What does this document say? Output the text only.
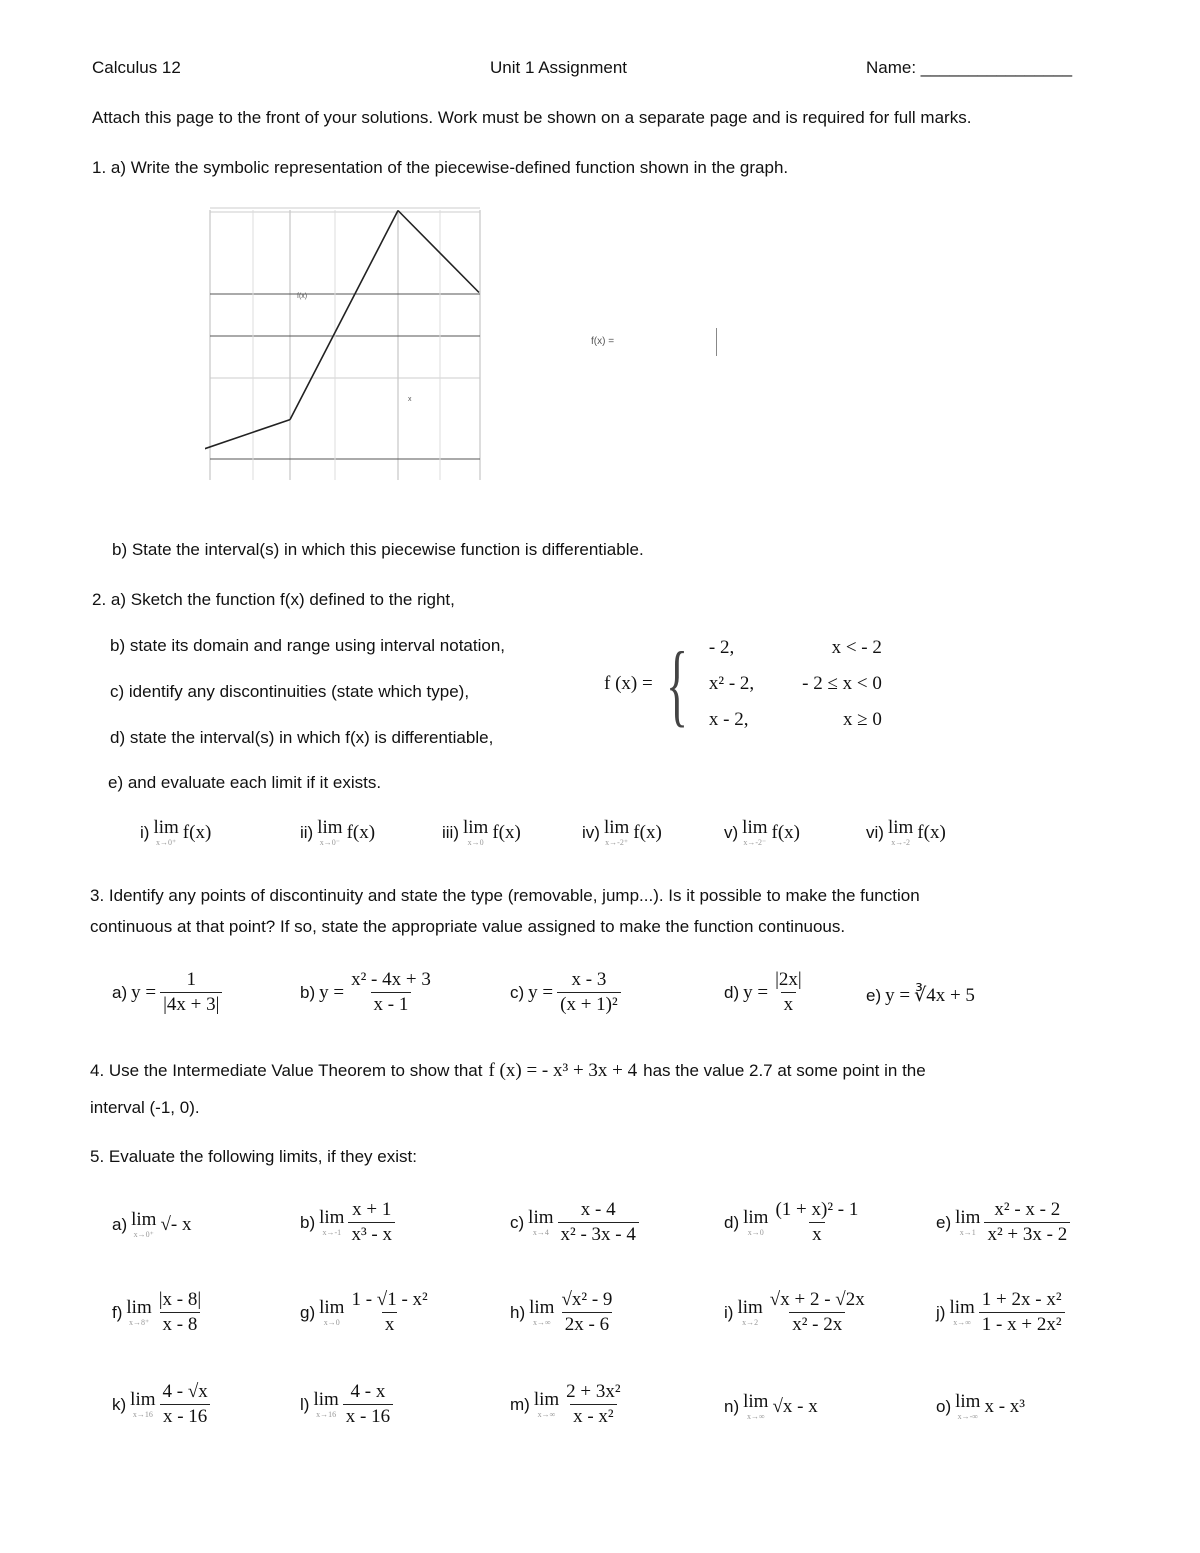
Calculus 12	Unit 1 Assignment	Name: ________________
Attach this page to the front of your solutions. Work must be shown on a separate page and is required for full marks.
1. a) Write the symbolic representation of the piecewise-defined function shown in the graph.
f(x)
x
f(x) =
b) State the interval(s) in which this piecewise function is differentiable.
2. a) Sketch the function f(x) defined to the right,
b) state its domain and range using interval notation,
c) identify any discontinuities (state which type),
d) state the interval(s) in which f(x) is differentiable,
e) and evaluate each limit if it exists.
f (x) = { - 2,	x < - 2
x² - 2,	- 2 ≤ x < 0
x - 2,	x ≥ 0
i) lim
x→0⁺ f(x)	ii) lim
x→0⁻ f(x)	iii) lim
x→0 f(x)	iv) lim
x→-2⁺ f(x)	v) lim
x→-2⁻ f(x)	vi) lim
x→-2 f(x)
3. Identify any points of discontinuity and state the type (removable, jump...). Is it possible to make the function
continuous at that point? If so, state the appropriate value assigned to make the function continuous.
a) $y = \frac{1}{|4x + 3|}$	b) $y = \frac{\text{x² - 4x + 3}}{x - 1}$	c) $y = \frac{x - 3}{\text{(x + 1)²}}$	d) $y = \frac{|2x|}{x}$	e) y = ∛4x + 5
4. Use the Intermediate Value Theorem to show that f (x) = - x³ + 3x + 4 has the value 2.7 at some point in the
interval (-1, 0).
5. Evaluate the following limits, if they exist:
a) lim
x→0⁺ √- x	b) lim
$x\to-1 \frac{x + 1}{\text{x³ - x}}$	c) lim
$x\to 4 \frac{x - 4}{\text{x² - 3x - 4}}$	d) lim
$x\to 0 \frac{\text{(1 + x)² - 1}}{x}$	e) lim
$x\to 1 \frac{\text{x² - x - 2}}{\text{x² + 3x - 2}}$
f) lim
$x\to 8^+ \frac{|x - 8|}{x - 8}$	g) lim
$x\to 0 \frac{\text{1 - √1 - x²}}{x}$	h) lim
$x\to\infty \frac{\text{√x² - 9}}{2x - 6}$	i) lim
$x\to 2 \frac{√x + 2 - √2x}{\text{x² - 2x}}$	j) lim
$x\to\infty \frac{\text{1 + 2x - x²}}{\text{1 - x + 2x²}}$
k) lim
$x\to 16 \frac{4 - √x}{x - 16}$	l) lim
$x\to 16 \frac{4 - x}{x - 16}$	m) lim
$x\to\infty \frac{\text{2 + 3x²}}{\text{x - x²}}$	n) lim
x→∞ √x - x	o) lim
x→-∞ x - x³
